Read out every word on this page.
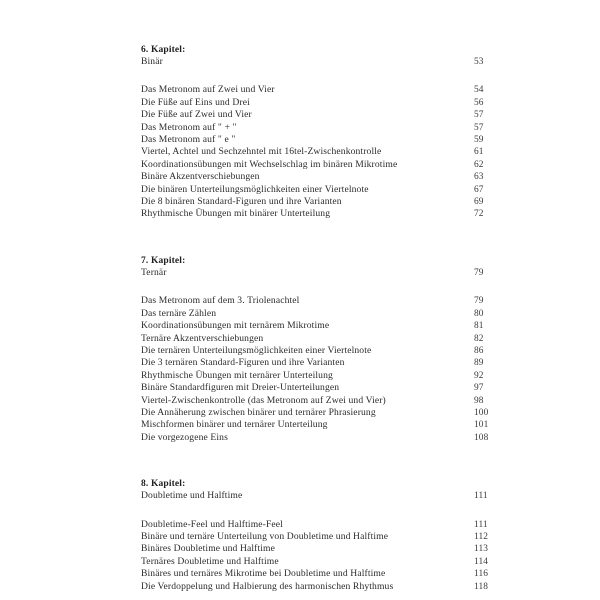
6. Kapitel:
Binär	53
Das Metronom auf Zwei und Vier	54
Die Füße auf Eins und Drei	56
Die Füße auf Zwei und Vier	57
Das Metronom auf " + "	57
Das Metronom auf " e "	59
Viertel, Achtel und Sechzehntel mit 16tel-Zwischenkontrolle	61
Koordinationsübungen mit Wechselschlag im binären Mikrotime	62
Binäre Akzentverschiebungen	63
Die binären Unterteilungsmöglichkeiten einer Viertelnote	67
Die 8 binären Standard-Figuren und ihre Varianten	69
Rhythmische Übungen mit binärer Unterteilung	72
7. Kapitel:
Ternär	79
Das Metronom auf dem 3. Triolenachtel	79
Das ternäre Zählen	80
Koordinationsübungen mit ternärem Mikrotime	81
Ternäre Akzentverschiebungen	82
Die ternären Unterteilungsmöglichkeiten einer Viertelnote	86
Die 3 ternären Standard-Figuren und ihre Varianten	89
Rhythmische Übungen mit ternärer Unterteilung	92
Binäre Standardfiguren mit Dreier-Unterteilungen	97
Viertel-Zwischenkontrolle (das Metronom auf Zwei und Vier)	98
Die Annäherung zwischen binärer und ternärer Phrasierung	100
Mischformen binärer und ternärer Unterteilung	101
Die vorgezogene Eins	108
8. Kapitel:
Doubletime und Halftime	111
Doubletime-Feel und Halftime-Feel	111
Binäre und ternäre Unterteilung von Doubletime und Halftime	112
Binäres Doubletime und Halftime	113
Ternäres Doubletime und Halftime	114
Binäres und ternäres Mikrotime bei Doubletime und Halftime	116
Die Verdoppelung und Halbierung des harmonischen Rhythmus	118
